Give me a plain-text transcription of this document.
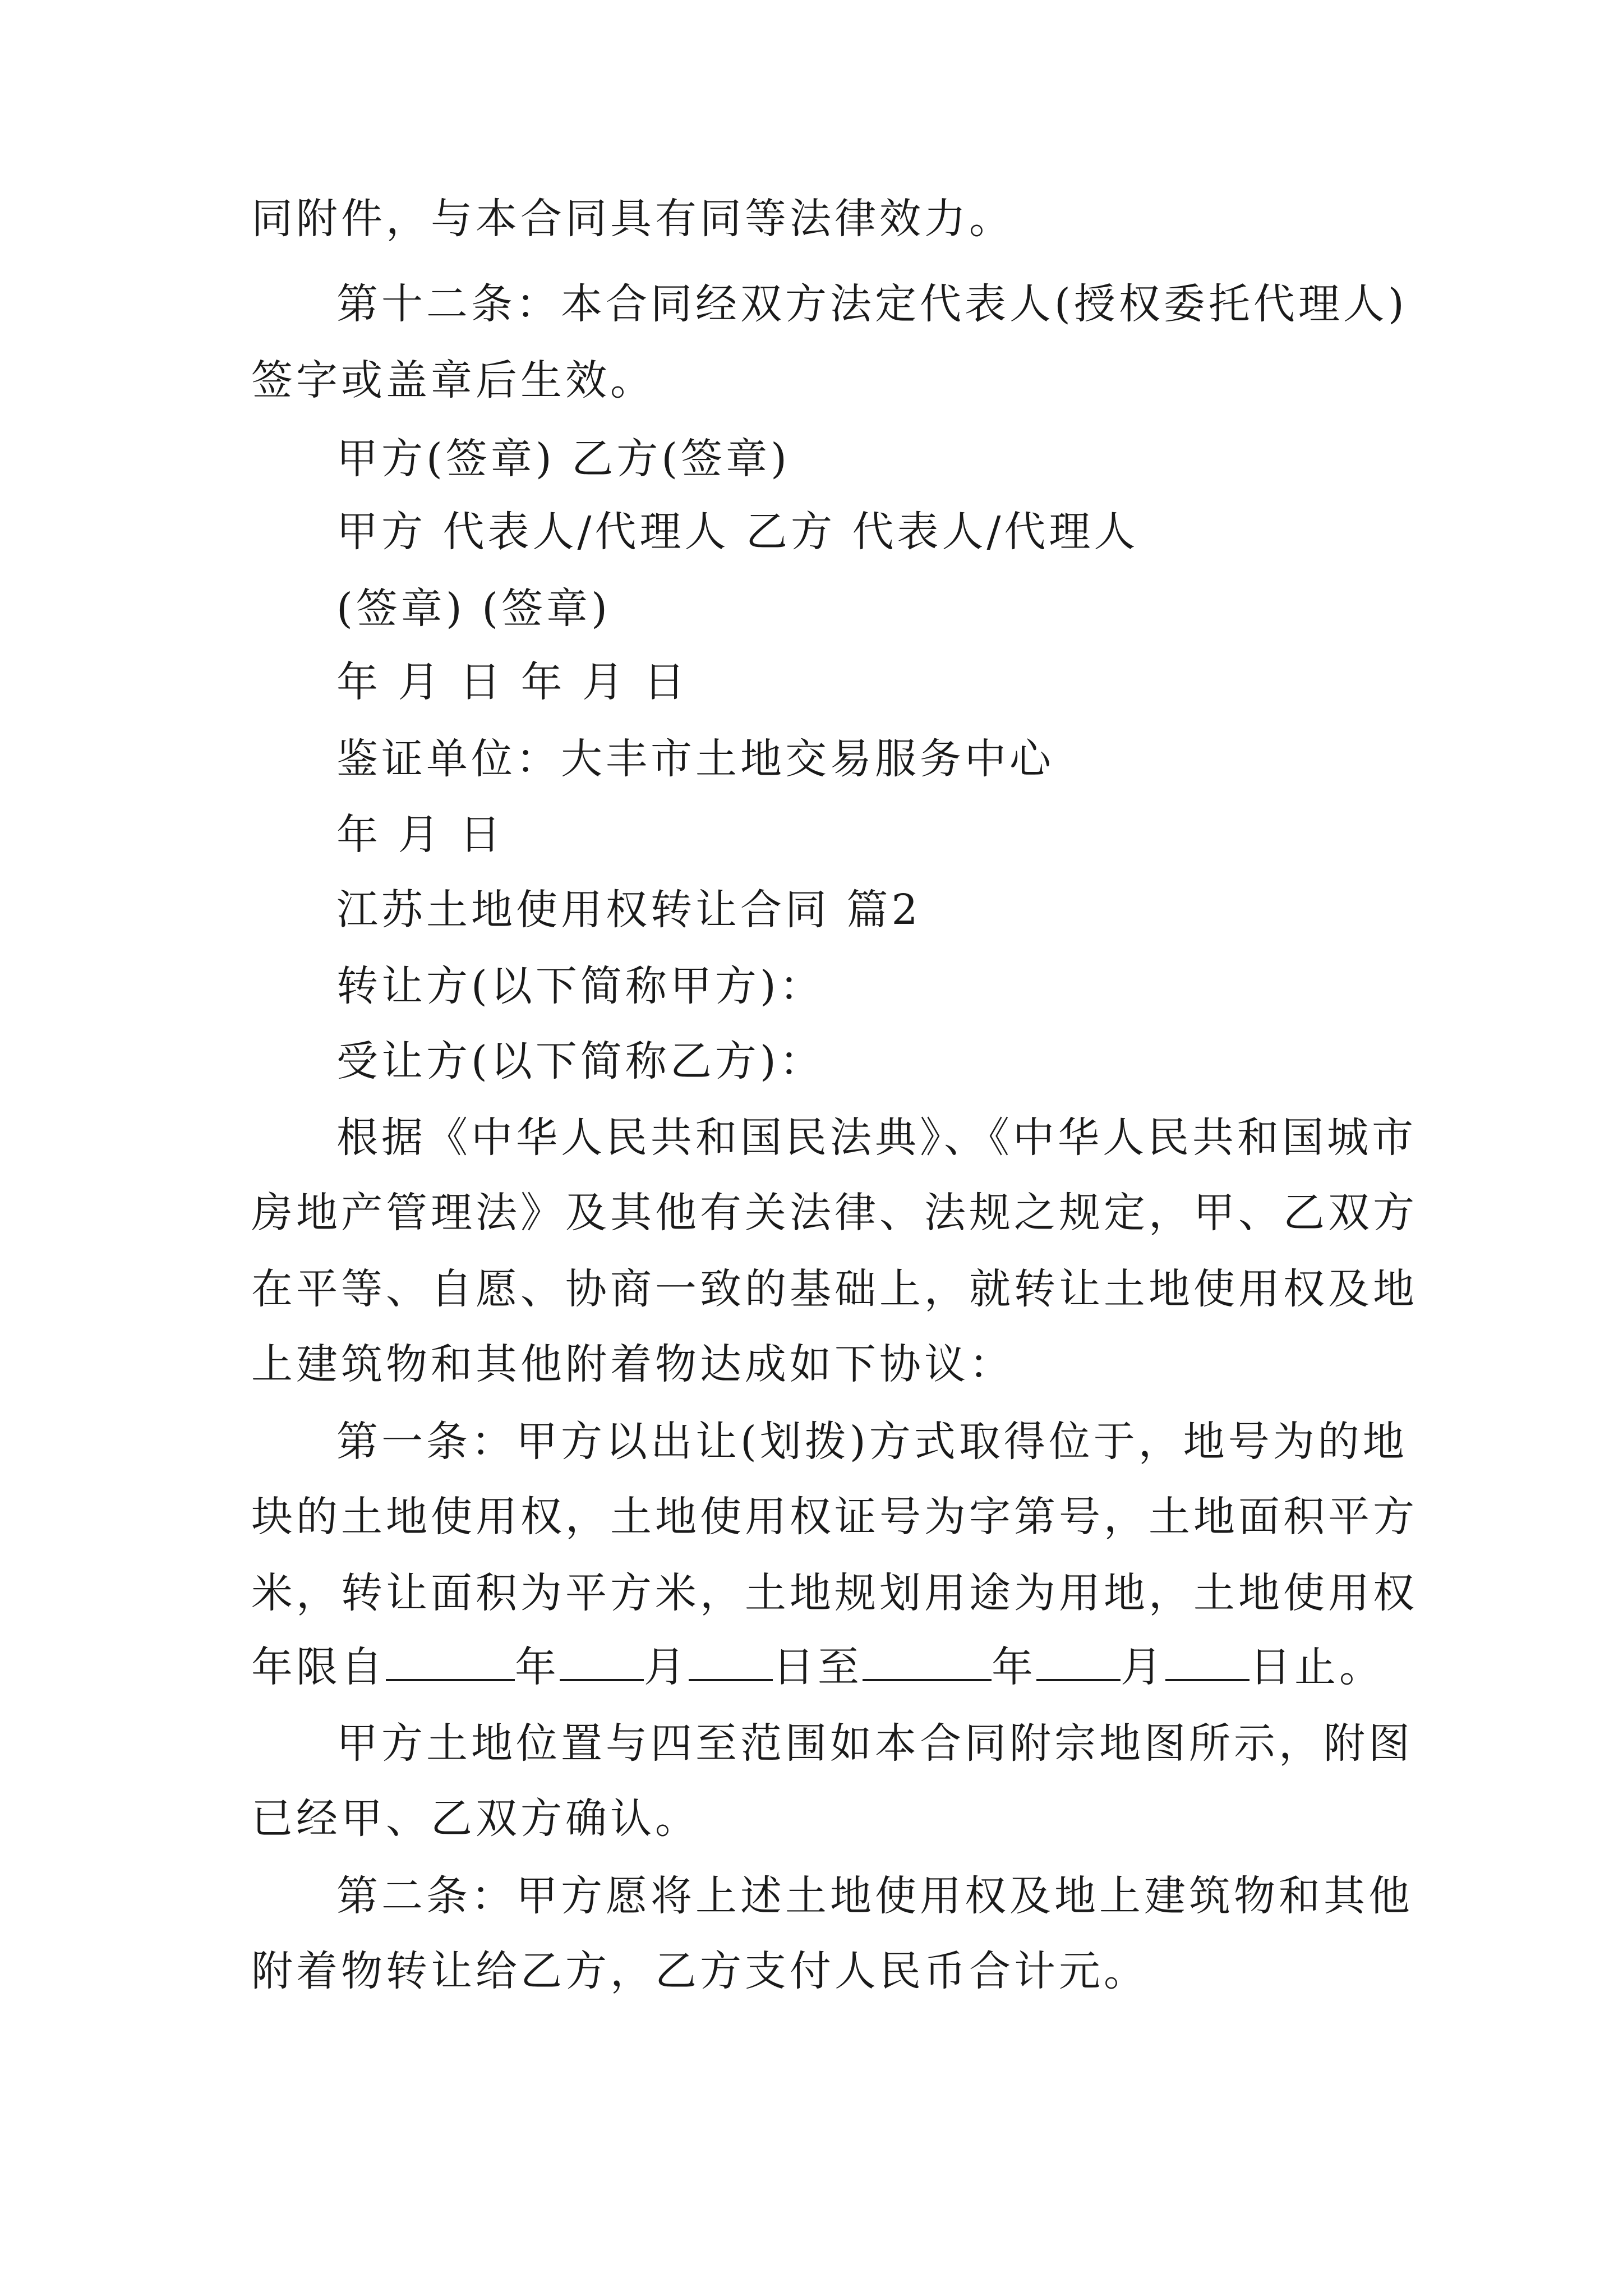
同附件，与本合同具有同等法律效力。
第十二条：本合同经双方法定代表人(授权委托代理人)
签字或盖章后生效。
甲方(签章) 乙方(签章)
甲方 代表人/代理人 乙方 代表人/代理人
(签章) (签章)
年 月 日 年 月 日
鉴证单位：大丰市土地交易服务中心
年 月 日
江苏土地使用权转让合同 篇2
转让方(以下简称甲方)：
受让方(以下简称乙方)：
根据《中华人民共和国民法典》、《中华人民共和国城市
房地产管理法》及其他有关法律、法规之规定，甲、乙双方
在平等、自愿、协商一致的基础上，就转让土地使用权及地
上建筑物和其他附着物达成如下协议：
第一条：甲方以出让(划拨)方式取得位于，地号为的地
块的土地使用权，土地使用权证号为字第号，土地面积平方
米，转让面积为平方米，土地规划用途为用地，土地使用权
年限自	年 月 日至	年 月 日止。
甲方土地位置与四至范围如本合同附宗地图所示，附图
已经甲、乙双方确认。
第二条：甲方愿将上述土地使用权及地上建筑物和其他
附着物转让给乙方，乙方支付人民币合计元。
